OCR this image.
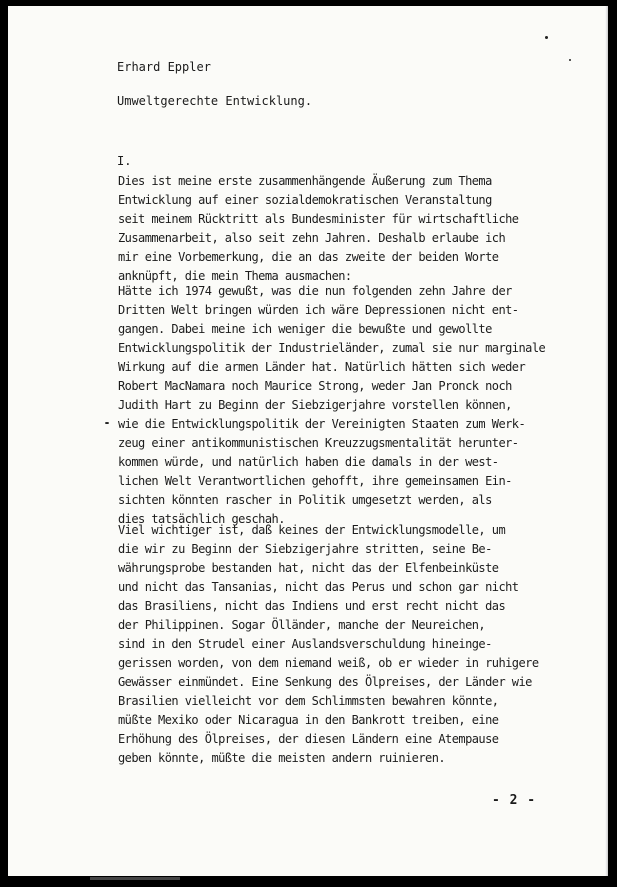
Erhard Eppler

Umweltgerechte Entwicklung.

I.

Dies ist meine erste zusammenhängende Äußerung zum Thema
Entwicklung auf einer sozialdemokratischen Veranstaltung
seit meinem Rücktritt als Bundesminister für wirtschaftliche
Zusammenarbeit, also seit zehn Jahren. Deshalb erlaube ich
mir eine Vorbemerkung, die an das zweite der beiden Worte
anknüpft, die mein Thema ausmachen:
Hätte ich 1974 gewußt, was die nun folgenden zehn Jahre der
Dritten Welt bringen würden ich wäre Depressionen nicht ent-
gangen. Dabei meine ich weniger die bewußte und gewollte
Entwicklungspolitik der Industrieländer, zumal sie nur marginale
Wirkung auf die armen Länder hat. Natürlich hätten sich weder
Robert MacNamara noch Maurice Strong, weder Jan Pronck noch
Judith Hart zu Beginn der Siebzigerjahre vorstellen können,
wie die Entwicklungspolitik der Vereinigten Staaten zum Werk-
zeug einer antikommunistischen Kreuzzugsmentalität herunter-
kommen würde, und natürlich haben die damals in der west-
lichen Welt Verantwortlichen gehofft, ihre gemeinsamen Ein-
sichten könnten rascher in Politik umgesetzt werden, als
dies tatsächlich geschah.
Viel wichtiger ist, daß keines der Entwicklungsmodelle, um
die wir zu Beginn der Siebzigerjahre stritten, seine Be-
währungsprobe bestanden hat, nicht das der Elfenbeinküste
und nicht das Tansanias, nicht das Perus und schon gar nicht
das Brasiliens, nicht das Indiens und erst recht nicht das
der Philippinen. Sogar Ölländer, manche der Neureichen,
sind in den Strudel einer Auslandsverschuldung hineinge-
gerissen worden, von dem niemand weiß, ob er wieder in ruhigere
Gewässer einmündet. Eine Senkung des Ölpreises, der Länder wie
Brasilien vielleicht vor dem Schlimmsten bewahren könnte,
müßte Mexiko oder Nicaragua in den Bankrott treiben, eine
Erhöhung des Ölpreises, der diesen Ländern eine Atempause
geben könnte, müßte die meisten andern ruinieren.

- 2 -
